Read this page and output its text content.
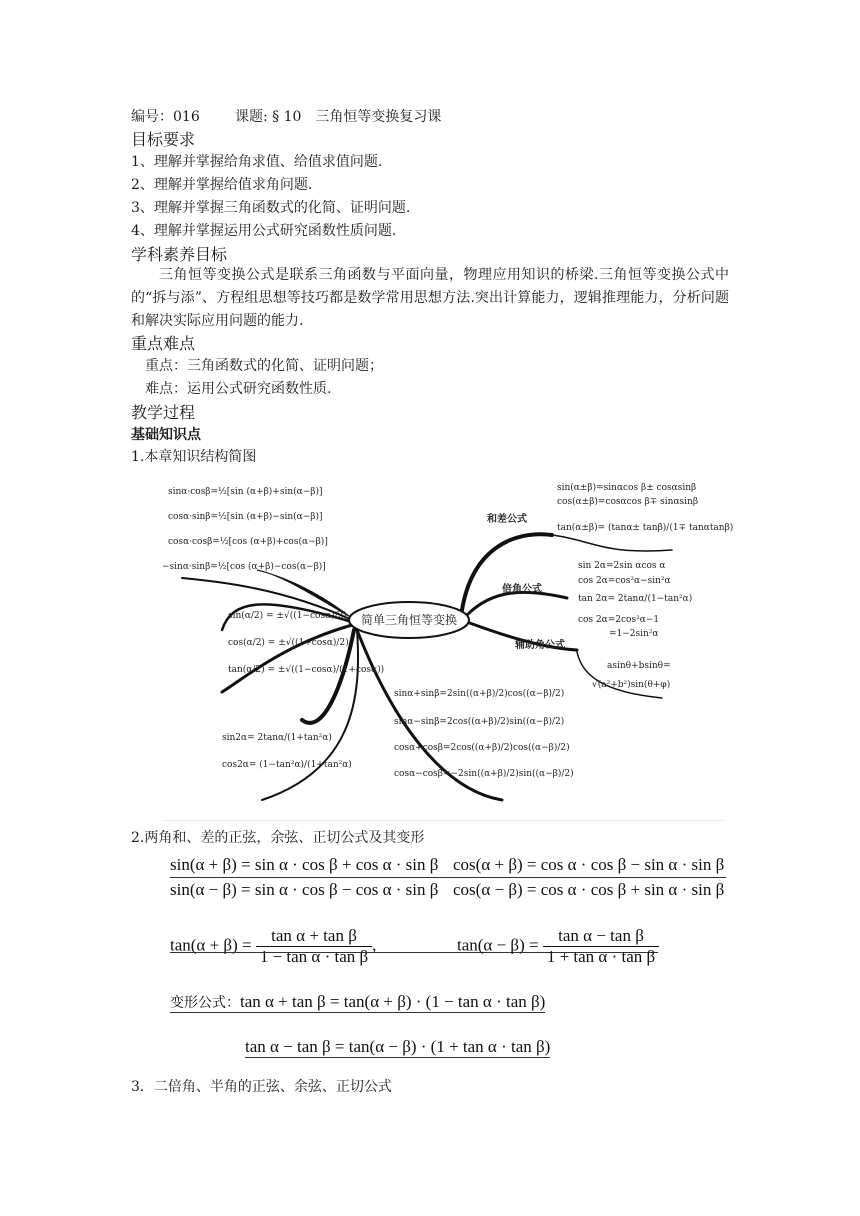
编号：016	课题: § 10　三角恒等变换复习课
目标要求
1、理解并掌握给角求值、给值求值问题.
2、理解并掌握给值求角问题.
3、理解并掌握三角函数式的化简、证明问题.
4、理解并掌握运用公式研究函数性质问题.
学科素养目标
三角恒等变换公式是联系三角函数与平面向量，物理应用知识的桥梁.三角恒等变换公式中的“拆与添”、方程组思想等技巧都是数学常用思想方法.突出计算能力，逻辑推理能力，分析问题和解决实际应用问题的能力.
重点难点
重点：三角函数式的化简、证明问题；
难点：运用公式研究函数性质.
教学过程
基础知识点
1.本章知识结构简图
简单三角恒等变换
和差公式
倍角公式
辅助角公式
sinα·cosβ=½[sin (α+β)+sin(α−β)]
cosα·sinβ=½[sin (α+β)−sin(α−β)]
cosα·cosβ=½[cos (α+β)+cos(α−β)]
−sinα·sinβ=½[cos (α+β)−cos(α−β)]
sin(α/2) = ±√((1−cosα)/2)
cos(α/2) = ±√((1+cosα)/2)
tan(α/2) = ±√((1−cosα)/(1+cosα))
sin2α= 2tanα/(1+tan²α)
cos2α= (1−tan²α)/(1+tan²α)
sin(α±β)=sinαcos β± cosαsinβ
cos(α±β)=cosαcos β∓ sinαsinβ
tan(α±β)= (tanα± tanβ)/(1∓ tanαtanβ)
sin 2α=2sin αcos α
cos 2α=cos²α−sin²α
tan 2α= 2tanα/(1−tan²α)
cos 2α=2cos²α−1
=1−2sin²α
asinθ+bsinθ=
√(a²+b²)sin(θ+φ)
sinα+sinβ=2sin((α+β)/2)cos((α−β)/2)
sinα−sinβ=2cos((α+β)/2)sin((α−β)/2)
cosα+cosβ=2cos((α+β)/2)cos((α−β)/2)
cosα−cosβ=−2sin((α+β)/2)sin((α−β)/2)
2.两角和、差的正弦，余弦、正切公式及其变形
sin(α + β) = sin α · cos β + cos α · sin β cos(α + β) = cos α · cos β − sin α · sin β
sin(α − β) = sin α · cos β − cos α · sin β cos(α − β) = cos α · cos β + sin α · sin β
$\tan(\alpha + \beta) = \frac{\text{tan α + tan β}}{\text{1 − tan α · tan β}}$ ,	$\tan(\alpha - \beta) = \frac{\text{tan α − tan β}}{\text{1 + tan α · tan β}}$
变形公式：tan α + tan β = tan(α + β) · (1 − tan α · tan β)
tan α − tan β = tan(α − β) · (1 + tan α · tan β)
3．二倍角、半角的正弦、余弦、正切公式
